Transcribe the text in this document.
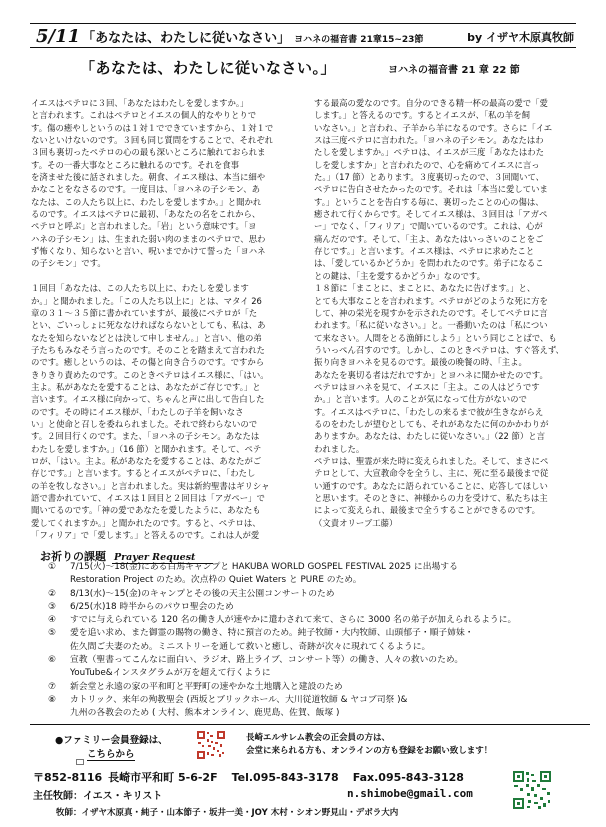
5/11 「あなたは、わたしに従いなさい」 ヨハネの福音書 21章15~23節	by イザヤ木原真牧師
「あなたは、わたしに従いなさい。」	ヨハネの福音書 21 章 22 節

イエスはペテロに３回、「あなたはわたしを愛しますか。」

と言われます。これはペテロとイエスの個人的なやりとりで

す。傷の癒やしというのは１対１でできていますから、１対１で

ないといけないのです。３回も同じ質問をすることで、それぞれ

３回も裏切ったペテロの心の最も深いところに触れておられま

す。その一番大事なところに触れるのです。それを食事

を済ませた後に話されました。朝食、イエス様は、本当に細や

かなことをなさるのです。一度目は、「ヨハネの子シモン、あ

なたは、この人たち以上に、わたしを愛しますか。」と聞かれ

るのです。イエスはペテロに最初、「あなたの名をこれから、

ペテロと呼ぶ」と言われました。「岩」という意味です。「ヨ

ハネの子シモン」は、生まれた弱い肉のままのペテロで、思わ

ず怖くなり、知らないと言い、呪いまでかけて誓った「ヨハネ

の子シモン」です。

１回目「あなたは、この人たち以上に、わたしを愛します

か。」と聞かれました。「この人たち以上に」とは、マタイ 26

章の３１〜３５節に書かれていますが、最後にペテロが「た

とい、ごいっしょに死ななければならないとしても、私は、あ

なたを知らないなどとは決して申しません。」と言い、他の弟

子たちもみなそう言ったのです。そのことを踏まえて言われた

のです。癒しというのは、その傷と向き合うのです。ですから

きりきり責めたのです。このときペテロはイエス様に、「はい。

主よ。私があなたを愛することは、あなたがご存じです。」と

言います。イエス様に向かって、ちゃんと声に出して告白した

のです。その時にイエス様が、「わたしの子羊を飼いなさ

い」と使命と召しを委ねられました。それで終わらないので

す。２回目行くのです。また、「ヨハネの子シモン。あなたは

わたしを愛しますか。」（16 節）と聞かれます。そして、ペテ

ロが、「はい。主よ。私があなたを愛することは、あなたがご

存じです。」と言います。するとイエスがペテロに、「わたし

の羊を牧しなさい。」と言われました。実は新約聖書はギリシャ

語で書かれていて、イエスは１回目と２回目は「アガペー」で

聞いてるのです。「神の愛であなたを愛したように、あなたも

愛してくれますか。」と聞かれたのです。すると、ペテロは、

「フィリア」で「愛します。」と答えるのです。これは人が愛

する最高の愛なのです。自分のできる精一杯の最高の愛で「愛

します。」と答えるのです。するとイエスが、「私の羊を飼

いなさい。」と言われ、子羊から羊になるのです。さらに「イエ

スは三度ペテロに言われた。「ヨハネの子シモン。あなたはわ

たしを愛しますか。」ペテロは、イエスが三度「あなたはわた

しを愛しますか」と言われたので、心を痛めてイエスに言っ

た。」（17 節）とあります。３度裏切ったので、３回聞いて、

ペテロに告白させたかったのです。それは「本当に愛していま

す。」ということを告白する毎に、裏切ったことの心の傷は、

癒されて行くからです。そしてイエス様は、３回目は「アガペ

ー」でなく、「フィリア」で聞いているのです。これは、心が

痛んだのです。そして、「主よ、あなたはいっさいのことをご

存じです。」と言います。イエス様は、ペテロに求めたこと

は、「愛しているかどうか」を問われたのです。弟子になるこ

との鍵は、「主を愛するかどうか」なのです。

１８節に「まことに、まことに、あなたに告げます。」と、

とても大事なことを言われます。ペテロがどのような死に方を

して、神の栄光を現すかを示されたのです。そしてペテロに言

われます。「私に従いなさい。」と。一番動いたのは「私につい

て来なさい。人間をとる漁師にしよう」という同じことばで、も

ういっぺん召すのです。しかし、このときペテロは、すぐ答えず、

振り向きヨハネを見るのです。最後の晩餐の時、「主よ。

あなたを裏切る者はだれですか」とヨハネに聞かせたのです。

ペテロはヨハネを見て、イエスに「主よ。この人はどうです

か。」と言います。人のことが気になって仕方がないので

す。イエスはペテロに、「わたしの来るまで彼が生きながらえ

るのをわたしが望むとしても、それがあなたに何のかかわりが

ありますか。あなたは、わたしに従いなさい。」（22 節）と言

われました。

ペテロは、聖霊が来た時に変えられました。そして、まさにペ

テロとして、大宣教命令を全うし、主に、死に至る最後まで従

い通すのです。あなたに語られていることに、応答してほしい

と思います。そのときに、神様からの力を受けて、私たちは主

によって変えられ、最後まで全うすることができるのです。

（文責オリーブ工藤）

お祈りの課題 Prayer Request
①	7/15(火)〜18(金)にある白馬キャンプと HAKUBA WORLD GOSPEL FESTIVAL 2025 に出場する
Restoration Project のため。次点枠の Quiet Waters と PURE のため。
②	8/13(水)〜15(金)のキャンプとその後の天主公園コンサートのため
③	6/25(水)18 時半からのパウロ聖会のため
④	すでに与えられている 120 名の働き人が速やかに遣わされて来て、さらに 3000 名の弟子が加えられるように。
⑤	愛を追い求め、また御霊の賜物の働き、特に預言のため。純子牧師・大内牧師、山頭郁子・順子姉妹・
佐久間ご夫妻のため。ミニストリーを通して救いと癒し、奇跡が次々に現れてくるように。
⑥	宣教（聖書ってこんなに面白い、ラジオ、路上ライブ、コンサート等）の働き、人々の救いのため。
YouTube&インスタグラムが万を超えて行くように
⑦	新会堂と永遠の家の平和町と平野町の速やかな土地購入と建設のため
⑧	カトリック、来年の殉教聖会 (西坂とブリックホール、大川従道牧師 & ヤコブ司祭 )&
九州の各教会のため ( 大村、熊本オンライン、鹿児島、佐賀、飯塚 )
●ファミリー会員登録は、
こちらから
長崎エルサレム教会の正会員の方は、
会堂に来られる方も、オンラインの方も登録をお願い致します！
〒852-8116 長崎市平和町 5-6-2F Tel.095-843-3178 Fax.095-843-3128
主任牧師：イエス・キリスト	n.shimobe@gmail.com
牧師：イザヤ木原真・純子・山本節子・坂井一美・JOY 木村・シオン野見山・デボラ大内
